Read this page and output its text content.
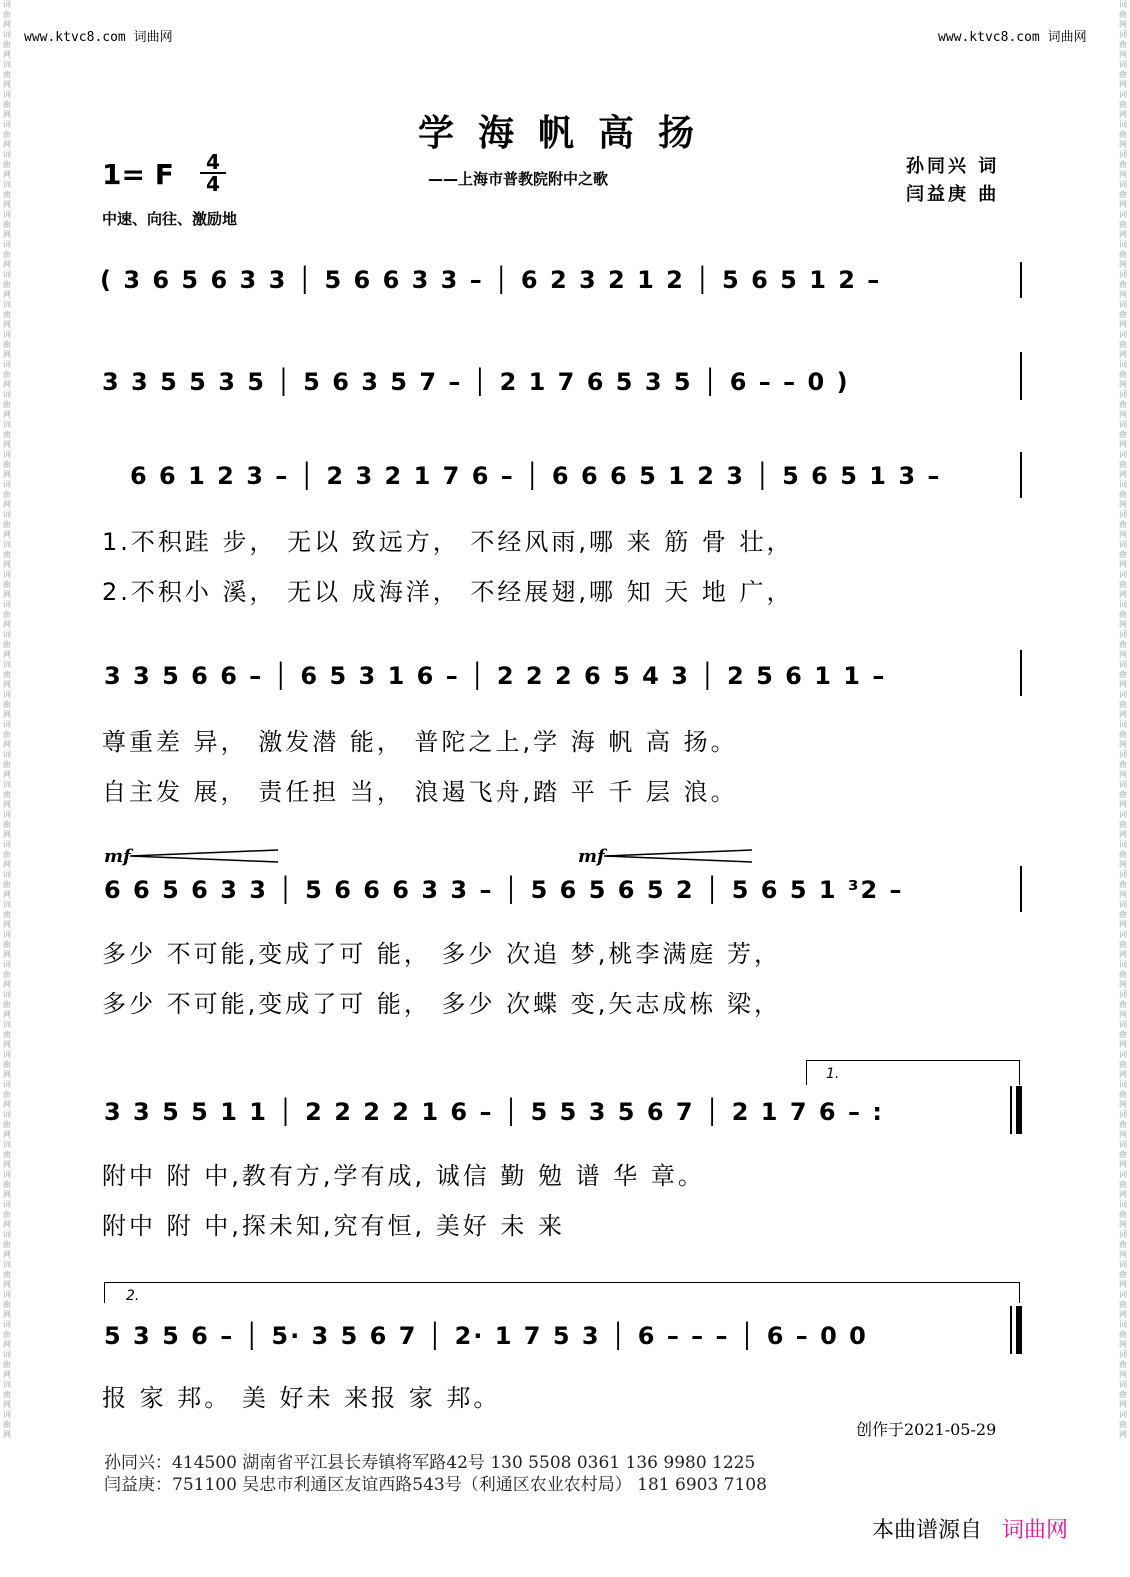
词曲网词曲网词曲网词曲网词曲网词曲网词曲网词曲网词曲网词曲网词曲网词曲网词曲网词曲网词曲网词曲网词曲网词曲网词曲网词曲网词曲网词曲网词曲网词曲网词曲网词曲网词曲网词曲网词曲网词曲网词曲网词曲网词曲网词曲网词曲网词曲网词曲网词曲网词曲网词曲网词曲网词曲网词曲网词曲网词曲网词曲网词曲网词曲网
词曲网词曲网词曲网词曲网词曲网词曲网词曲网词曲网词曲网词曲网词曲网词曲网词曲网词曲网词曲网词曲网词曲网词曲网词曲网词曲网词曲网词曲网词曲网词曲网词曲网词曲网词曲网词曲网词曲网词曲网词曲网词曲网词曲网词曲网词曲网词曲网词曲网词曲网词曲网词曲网词曲网词曲网词曲网词曲网词曲网词曲网词曲网词曲网
www.ktvc8.com 词曲网	www.ktvc8.com 词曲网
学海帆高扬
——上海市普教院附中之歌
1= F $\frac{4}{4}$
中速、向往、激励地
孙同兴 词
闫益庚 曲
( 3 6 5 6 3 3 │ 5 6 6 3 3 – │ 6 2 3 2 1 2 │ 5 6 5 1 2 –
3 3 5 5 3 5 │ 5 6 3 5 7 – │ 2 1 7 6 5 3 5 │ 6 – – 0 )
6 6 1 2 3 – │ 2 3 2 1 7 6 – │ 6 6 6 5 1 2 3 │ 5 6 5 1 3 –
1.不积跬 步， 无以 致远方， 不经风雨,哪 来 筋 骨 壮，
2.不积小 溪， 无以 成海洋， 不经展翅,哪 知 天 地 广，
3 3 5 6 6 – │ 6 5 3 1 6 – │ 2 2 2 6 5 4 3 │ 2 5 6 1 1 –
尊重差 异， 激发潜 能， 普陀之上,学 海 帆 高 扬。
自主发 展， 责任担 当， 浪遏飞舟,踏 平 千 层 浪。
mf	mf
6 6 5 6 3 3 │ 5 6 6 6 3 3 – │ 5 6 5 6 5 2 │ 5 6 5 1 ³2 –
多少 不可能,变成了可 能， 多少 次追 梦,桃李满庭 芳，
多少 不可能,变成了可 能， 多少 次蝶 变,矢志成栋 梁，
1.
3 3 5 5 1 1 │ 2 2 2 2 1 6 – │ 5 5 3 5 6 7 │ 2 1 7 6 – :
附中 附 中,教有方,学有成, 诚信 勤 勉 谱 华 章。
附中 附 中,探未知,究有恒, 美好 未 来
2.
5 3 5 6 – │ 5· 3 5 6 7 │ 2· 1 7 5 3 │ 6 – – – │ 6 – 0 0
报 家 邦。 美 好未 来报 家 邦。
创作于2021-05-29
孙同兴：414500 湖南省平江县长寿镇将军路42号 130 5508 0361 136 9980 1225
闫益庚：751100 吴忠市利通区友谊西路543号（利通区农业农村局） 181 6903 7108
本曲谱源自 词曲网
